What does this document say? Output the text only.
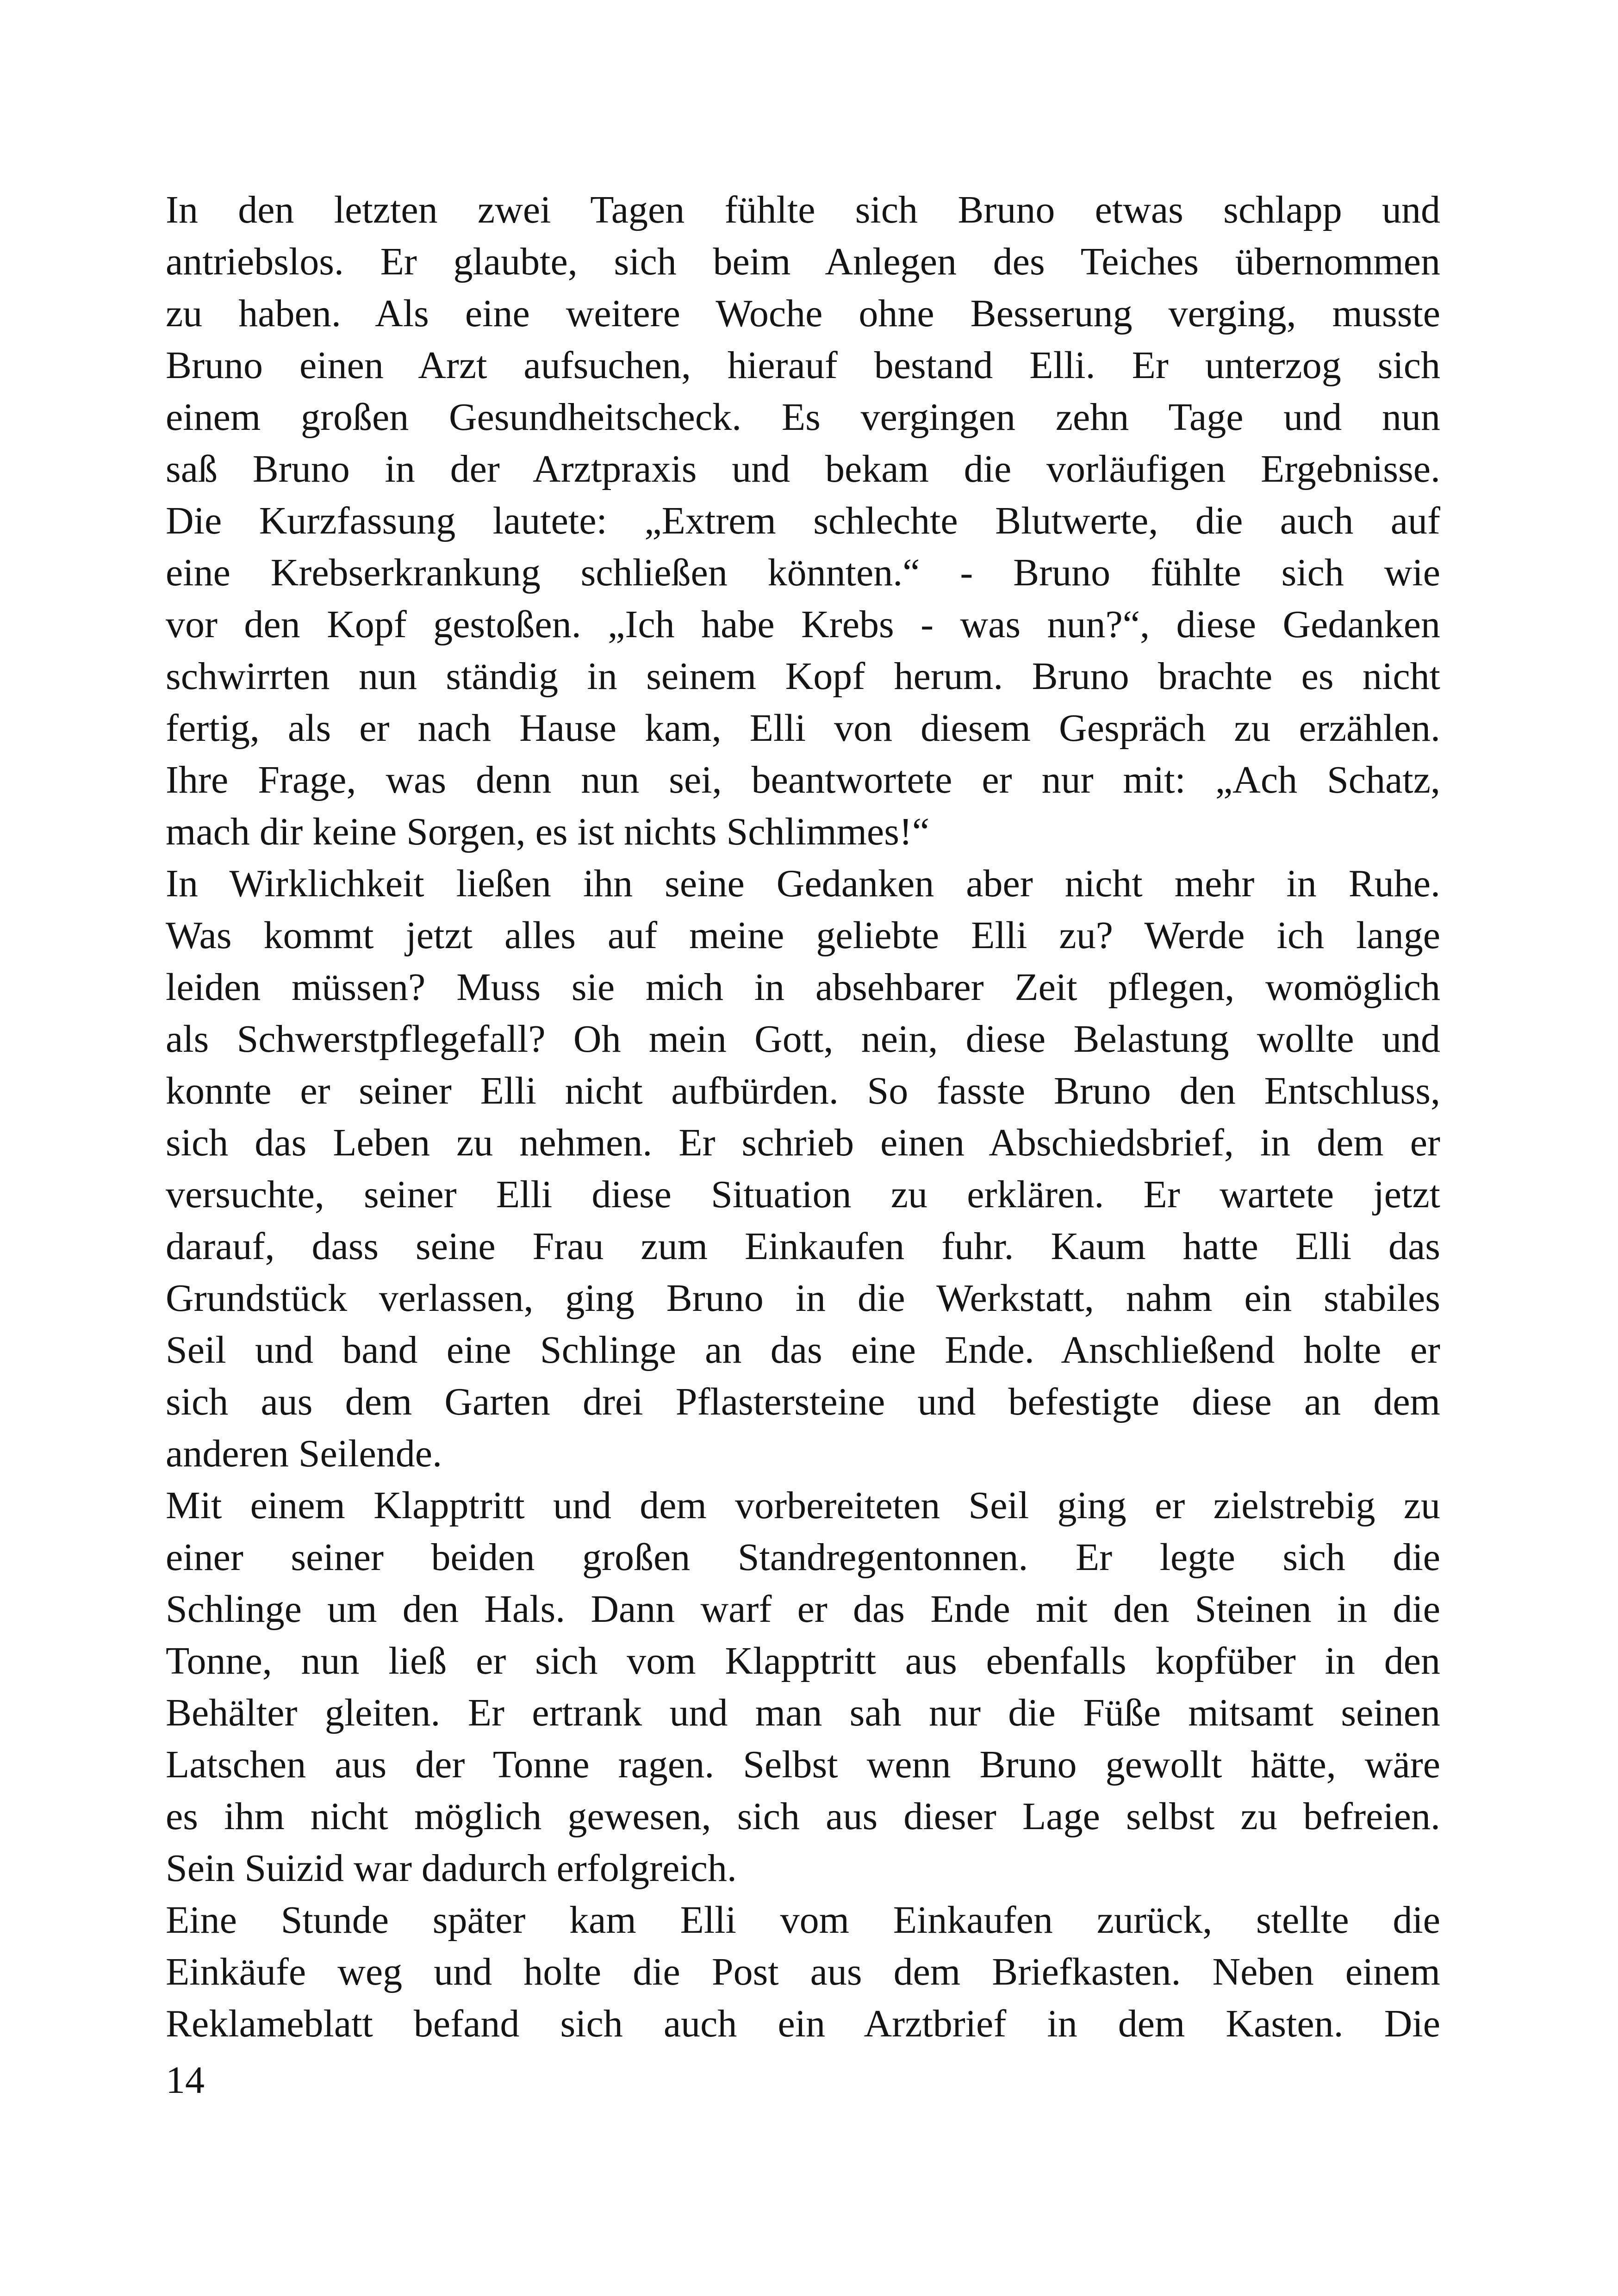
In den letzten zwei Tagen fühlte sich Bruno etwas schlapp und
antriebslos. Er glaubte, sich beim Anlegen des Teiches übernommen
zu haben. Als eine weitere Woche ohne Besserung verging, musste
Bruno einen Arzt aufsuchen, hierauf bestand Elli. Er unterzog sich
einem großen Gesundheitscheck. Es vergingen zehn Tage und nun
saß Bruno in der Arztpraxis und bekam die vorläufigen Ergebnisse.
Die Kurzfassung lautete: „Extrem schlechte Blutwerte, die auch auf
eine Krebserkrankung schließen könnten.“ - Bruno fühlte sich wie
vor den Kopf gestoßen. „Ich habe Krebs - was nun?“, diese Gedanken
schwirrten nun ständig in seinem Kopf herum. Bruno brachte es nicht
fertig, als er nach Hause kam, Elli von diesem Gespräch zu erzählen.
Ihre Frage, was denn nun sei, beantwortete er nur mit: „Ach Schatz,
mach dir keine Sorgen, es ist nichts Schlimmes!“
In Wirklichkeit ließen ihn seine Gedanken aber nicht mehr in Ruhe.
Was kommt jetzt alles auf meine geliebte Elli zu? Werde ich lange
leiden müssen? Muss sie mich in absehbarer Zeit pflegen, womöglich
als Schwerstpflegefall? Oh mein Gott, nein, diese Belastung wollte und
konnte er seiner Elli nicht aufbürden. So fasste Bruno den Entschluss,
sich das Leben zu nehmen. Er schrieb einen Abschiedsbrief, in dem er
versuchte, seiner Elli diese Situation zu erklären. Er wartete jetzt
darauf, dass seine Frau zum Einkaufen fuhr. Kaum hatte Elli das
Grundstück verlassen, ging Bruno in die Werkstatt, nahm ein stabiles
Seil und band eine Schlinge an das eine Ende. Anschließend holte er
sich aus dem Garten drei Pflastersteine und befestigte diese an dem
anderen Seilende.
Mit einem Klapptritt und dem vorbereiteten Seil ging er zielstrebig zu
einer seiner beiden großen Standregentonnen. Er legte sich die
Schlinge um den Hals. Dann warf er das Ende mit den Steinen in die
Tonne, nun ließ er sich vom Klapptritt aus ebenfalls kopfüber in den
Behälter gleiten. Er ertrank und man sah nur die Füße mitsamt seinen
Latschen aus der Tonne ragen. Selbst wenn Bruno gewollt hätte, wäre
es ihm nicht möglich gewesen, sich aus dieser Lage selbst zu befreien.
Sein Suizid war dadurch erfolgreich.
Eine Stunde später kam Elli vom Einkaufen zurück, stellte die
Einkäufe weg und holte die Post aus dem Briefkasten. Neben einem
Reklameblatt befand sich auch ein Arztbrief in dem Kasten. Die
14
